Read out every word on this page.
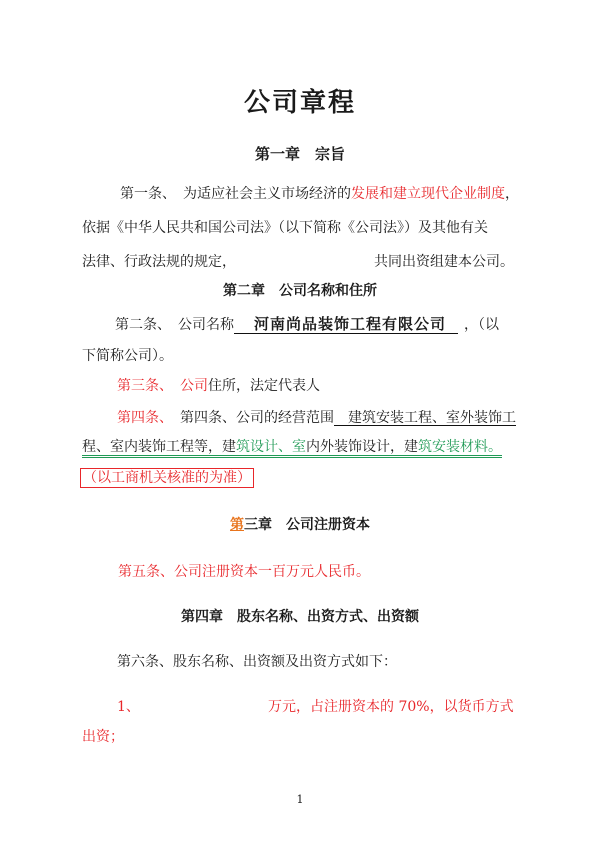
公司章程
第一章　宗旨
第一条、　为适应社会主义市场经济的发展和建立现代企业制度，
依据《中华人民共和国公司法》（以下简称《公司法》）及其他有关
法律、行政法规的规定，	共同出资组建本公司。
第二章　公司名称和住所
第二条、　公司名称 河南尚品装饰工程有限公司 ，（以
下简称公司）。
第三条、　公司住所，法定代表人
第四条、　第四条、公司的经营范围　建筑安装工程、室外装饰工
程、室内装饰工程等，建筑设计、室内外装饰设计，建筑安装材料。
（以工商机关核准的为准）
第三章　公司注册资本
第五条、公司注册资本一百万元人民币。
第四章　股东名称、出资方式、出资额
第六条、股东名称、出资额及出资方式如下：
1、	万元，占注册资本的 70%，以货币方式
出资；
1
